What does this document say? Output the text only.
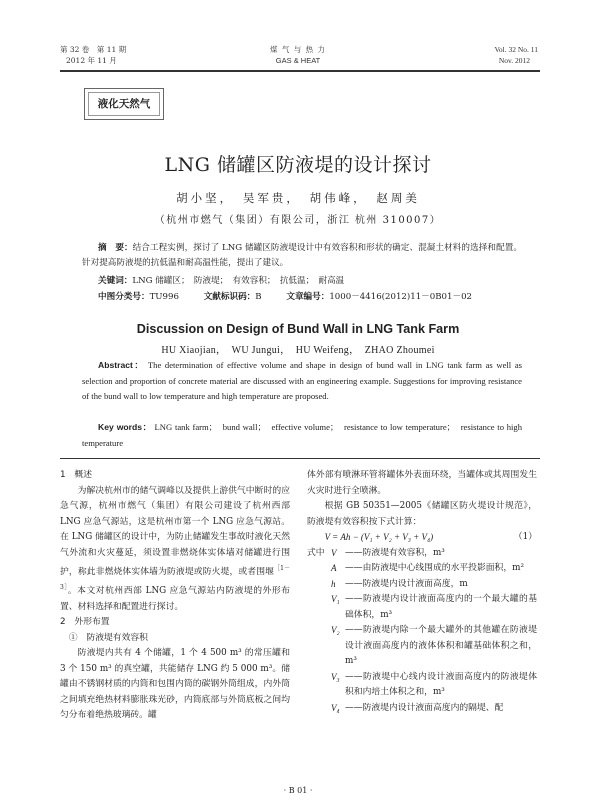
第 32 卷　第 11 期
2012 年 11 月
煤 气 与 热 力
GAS & HEAT
Vol. 32 No. 11
Nov. 2012
液化天然气
LNG 储罐区防液堤的设计探讨
胡小坚，　吴军贵，　胡伟峰，　赵周美
（杭州市燃气（集团）有限公司，浙江 杭州 310007）
摘　要：结合工程实例，探讨了 LNG 储罐区防液堤设计中有效容积和形状的确定、混凝土材料的选择和配置。针对提高防液堤的抗低温和耐高温性能，提出了建议。
关键词：LNG 储罐区；　防液堤；　有效容积；　抗低温；　耐高温
中图分类号：TU996	文献标识码：B	文章编号：1000－4416(2012)11－0B01－02
Discussion on Design of Bund Wall in LNG Tank Farm
HU Xiaojian，　WU Jungui，　HU Weifeng，　ZHAO Zhoumei
Abstract： The determination of effective volume and shape in design of bund wall in LNG tank farm as well as selection and proportion of concrete material are discussed with an engineering example. Suggestions for improving resistance of the bund wall to low temperature and high temperature are proposed.
Key words： LNG tank farm；　bund wall；　effective volume；　resistance to low temperature；　resistance to high temperature
1　概述
为解决杭州市的储气调峰以及提供上游供气中断时的应急气源，杭州市燃气（集团）有限公司建设了杭州西部 LNG 应急气源站，这是杭州市第一个 LNG 应急气源站。在 LNG 储罐区的设计中，为防止储罐发生事故时液化天然气外流和火灾蔓延，须设置非燃烧体实体墙对储罐进行围护，称此非燃烧体实体墙为防液堤或防火堤，或者围堰$^{[1-3]}$。本文对杭州西部 LNG 应急气源站内防液堤的外形布置、材料选择和配置进行探讨。
2　外形布置
①　防液堤有效容积
防液堤内共有 4 个储罐，1 个 4 500 m³ 的常压罐和 3 个 150 m³ 的真空罐，共能储存 LNG 约 5 000 m³。储罐由不锈钢材质的内筒和包围内筒的碳钢外筒组成，内外筒之间填充绝热材料膨胀珠光砂，内筒底部与外筒底板之间均匀分布着绝热玻璃砖。罐
体外部有喷淋环管将罐体外表面环绕，当罐体或其周围发生火灾时进行全喷淋。
根据 GB 50351—2005《储罐区防火堤设计规范》，防液堤有效容积按下式计算：
V = Ah − (V₁ + V₂ + V₃ + V₄)	（1）
式中 V ——防液堤有效容积，m³
A ——由防液堤中心线围成的水平投影面积，m²
h	——防液堤内设计液面高度，m
V₁ ——防液堤内设计液面高度内的一个最大罐的基础体积，m³
V₂ ——防液堤内除一个最大罐外的其他罐在防液堤设计液面高度内的液体体积和罐基础体积之和，m³
V₃ ——防液堤中心线内设计液面高度内的防液堤体积和内培土体积之和，m³
V₄ ——防液堤内设计液面高度内的隔堤、配
· B 01 ·
